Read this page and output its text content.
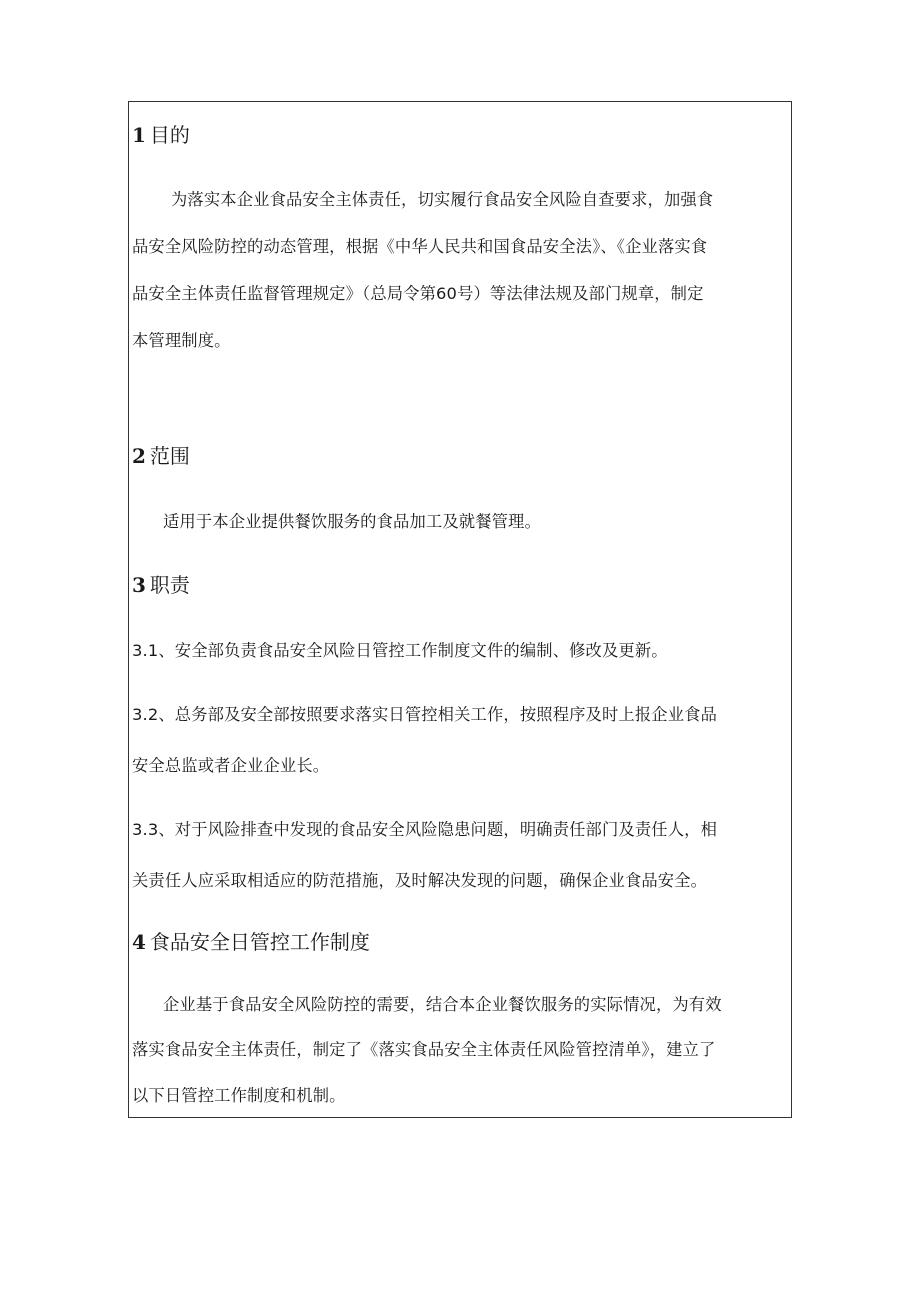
1 目的

为落实本企业食品安全主体责任，切实履行食品安全风险自查要求，加强食

品安全风险防控的动态管理，根据《中华人民共和国食品安全法》、《企业落实食

品安全主体责任监督管理规定》（总局令第60号）等法律法规及部门规章，制定

本管理制度。

2 范围

适用于本企业提供餐饮服务的食品加工及就餐管理。

3 职责

3.1、安全部负责食品安全风险日管控工作制度文件的编制、修改及更新。

3.2、总务部及安全部按照要求落实日管控相关工作，按照程序及时上报企业食品

安全总监或者企业企业长。

3.3、对于风险排查中发现的食品安全风险隐患问题，明确责任部门及责任人，相

关责任人应采取相适应的防范措施，及时解决发现的问题，确保企业食品安全。

4 食品安全日管控工作制度

企业基于食品安全风险防控的需要，结合本企业餐饮服务的实际情况，为有效

落实食品安全主体责任，制定了《落实食品安全主体责任风险管控清单》，建立了

以下日管控工作制度和机制。
